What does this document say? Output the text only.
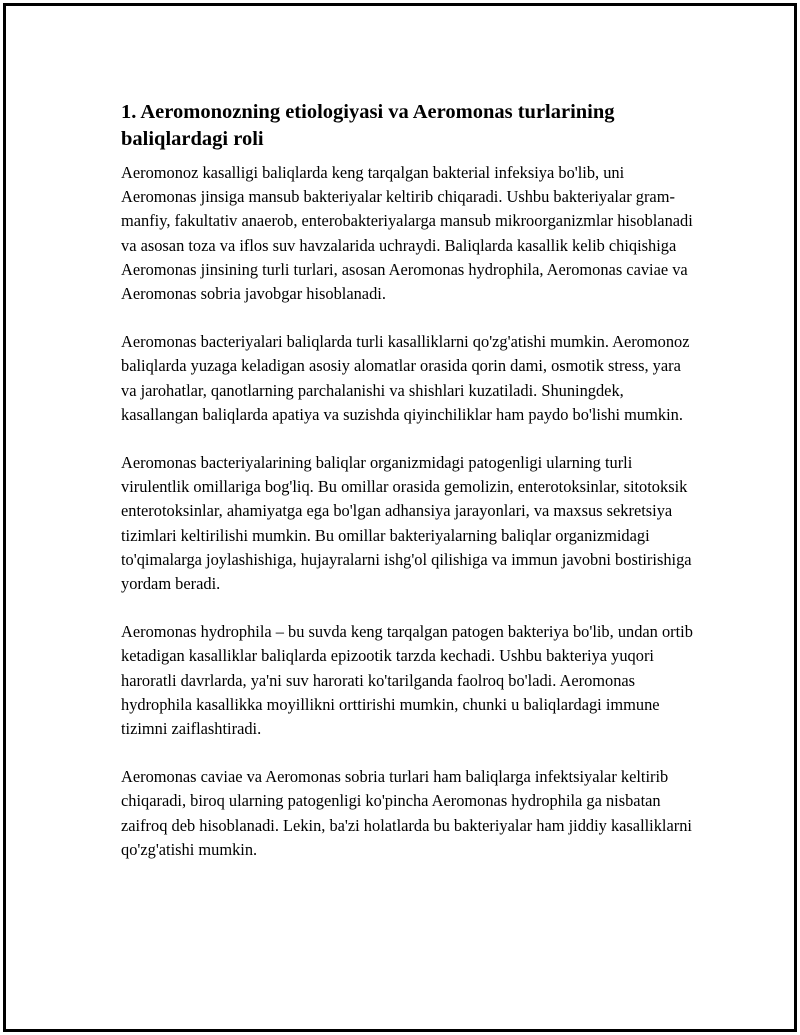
1. Aeromonozning etiologiyasi va Aeromonas turlarining baliqlardagi roli

Aeromonoz kasalligi baliqlarda keng tarqalgan bakterial infeksiya bo'lib, uni Aeromonas jinsiga mansub bakteriyalar keltirib chiqaradi. Ushbu bakteriyalar gram-manfiy, fakultativ anaerob, enterobakteriyalarga mansub mikroorganizmlar hisoblanadi va asosan toza va iflos suv havzalarida uchraydi. Baliqlarda kasallik kelib chiqishiga Aeromonas jinsining turli turlari, asosan Aeromonas hydrophila, Aeromonas caviae va Aeromonas sobria javobgar hisoblanadi.

Aeromonas bacteriyalari baliqlarda turli kasalliklarni qo'zg'atishi mumkin. Aeromonoz baliqlarda yuzaga keladigan asosiy alomatlar orasida qorin dami, osmotik stress, yara va jarohatlar, qanotlarning parchalanishi va shishlari kuzatiladi. Shuningdek, kasallangan baliqlarda apatiya va suzishda qiyinchiliklar ham paydo bo'lishi mumkin.

Aeromonas bacteriyalarining baliqlar organizmidagi patogenligi ularning turli virulentlik omillariga bog'liq. Bu omillar orasida gemolizin, enterotoksinlar, sitotoksik enterotoksinlar, ahamiyatga ega bo'lgan adhansiya jarayonlari, va maxsus sekretsiya tizimlari keltirilishi mumkin. Bu omillar bakteriyalarning baliqlar organizmidagi to'qimalarga joylashishiga, hujayralarni ishg'ol qilishiga va immun javobni bostirishiga yordam beradi.

Aeromonas hydrophila – bu suvda keng tarqalgan patogen bakteriya bo'lib, undan ortib ketadigan kasalliklar baliqlarda epizootik tarzda kechadi. Ushbu bakteriya yuqori haroratli davrlarda, ya'ni suv harorati ko'tarilganda faolroq bo'ladi. Aeromonas hydrophila kasallikka moyillikni orttirishi mumkin, chunki u baliqlardagi immune tizimni zaiflashtiradi.

Aeromonas caviae va Aeromonas sobria turlari ham baliqlarga infektsiyalar keltirib chiqaradi, biroq ularning patogenligi ko'pincha Aeromonas hydrophila ga nisbatan zaifroq deb hisoblanadi. Lekin, ba'zi holatlarda bu bakteriyalar ham jiddiy kasalliklarni qo'zg'atishi mumkin.
